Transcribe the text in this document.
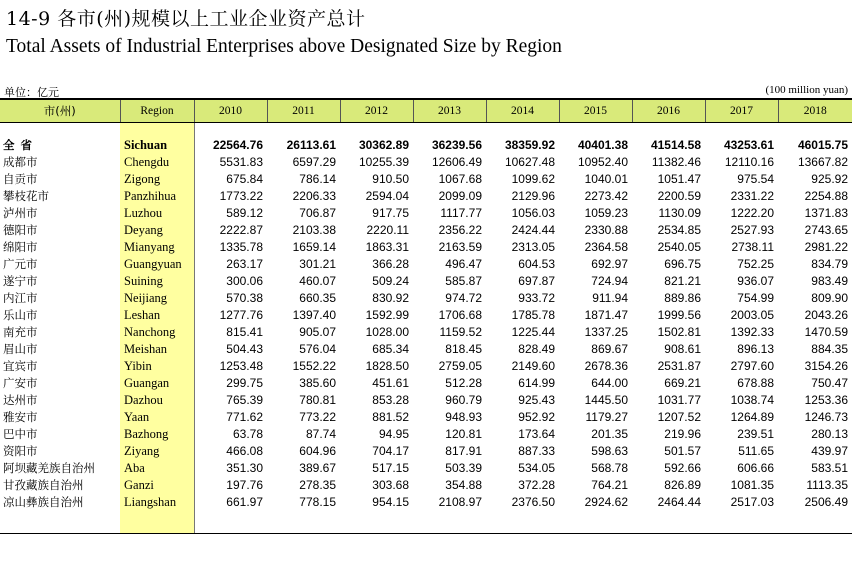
14-9 各市(州)规模以上工业企业资产总计
Total Assets of Industrial Enterprises above Designated Size by Region
单位：亿元	(100 million yuan)
市(州)	Region	2010	2011	2012	2013	2014	2015	2016	2017	2018

全省	Sichuan	22564.76	26113.61	30362.89	36239.56	38359.92	40401.38	41514.58	43253.61	46015.75
成都市	Chengdu	5531.83	6597.29	10255.39	12606.49	10627.48	10952.40	11382.46	12110.16	13667.82
自贡市	Zigong	675.84	786.14	910.50	1067.68	1099.62	1040.01	1051.47	975.54	925.92
攀枝花市	Panzhihua	1773.22	2206.33	2594.04	2099.09	2129.96	2273.42	2200.59	2331.22	2254.88
泸州市	Luzhou	589.12	706.87	917.75	1117.77	1056.03	1059.23	1130.09	1222.20	1371.83
德阳市	Deyang	2222.87	2103.38	2220.11	2356.22	2424.44	2330.88	2534.85	2527.93	2743.65
绵阳市	Mianyang	1335.78	1659.14	1863.31	2163.59	2313.05	2364.58	2540.05	2738.11	2981.22
广元市	Guangyuan	263.17	301.21	366.28	496.47	604.53	692.97	696.75	752.25	834.79
遂宁市	Suining	300.06	460.07	509.24	585.87	697.87	724.94	821.21	936.07	983.49
内江市	Neijiang	570.38	660.35	830.92	974.72	933.72	911.94	889.86	754.99	809.90
乐山市	Leshan	1277.76	1397.40	1592.99	1706.68	1785.78	1871.47	1999.56	2003.05	2043.26
南充市	Nanchong	815.41	905.07	1028.00	1159.52	1225.44	1337.25	1502.81	1392.33	1470.59
眉山市	Meishan	504.43	576.04	685.34	818.45	828.49	869.67	908.61	896.13	884.35
宜宾市	Yibin	1253.48	1552.22	1828.50	2759.05	2149.60	2678.36	2531.87	2797.60	3154.26
广安市	Guangan	299.75	385.60	451.61	512.28	614.99	644.00	669.21	678.88	750.47
达州市	Dazhou	765.39	780.81	853.28	960.79	925.43	1445.50	1031.77	1038.74	1253.36
雅安市	Yaan	771.62	773.22	881.52	948.93	952.92	1179.27	1207.52	1264.89	1246.73
巴中市	Bazhong	63.78	87.74	94.95	120.81	173.64	201.35	219.96	239.51	280.13
资阳市	Ziyang	466.08	604.96	704.17	817.91	887.33	598.63	501.57	511.65	439.97
阿坝藏羌族自治州	Aba	351.30	389.67	517.15	503.39	534.05	568.78	592.66	606.66	583.51
甘孜藏族自治州	Ganzi	197.76	278.35	303.68	354.88	372.28	764.21	826.89	1081.35	1113.35
凉山彝族自治州	Liangshan	661.97	778.15	954.15	2108.97	2376.50	2924.62	2464.44	2517.03	2506.49
